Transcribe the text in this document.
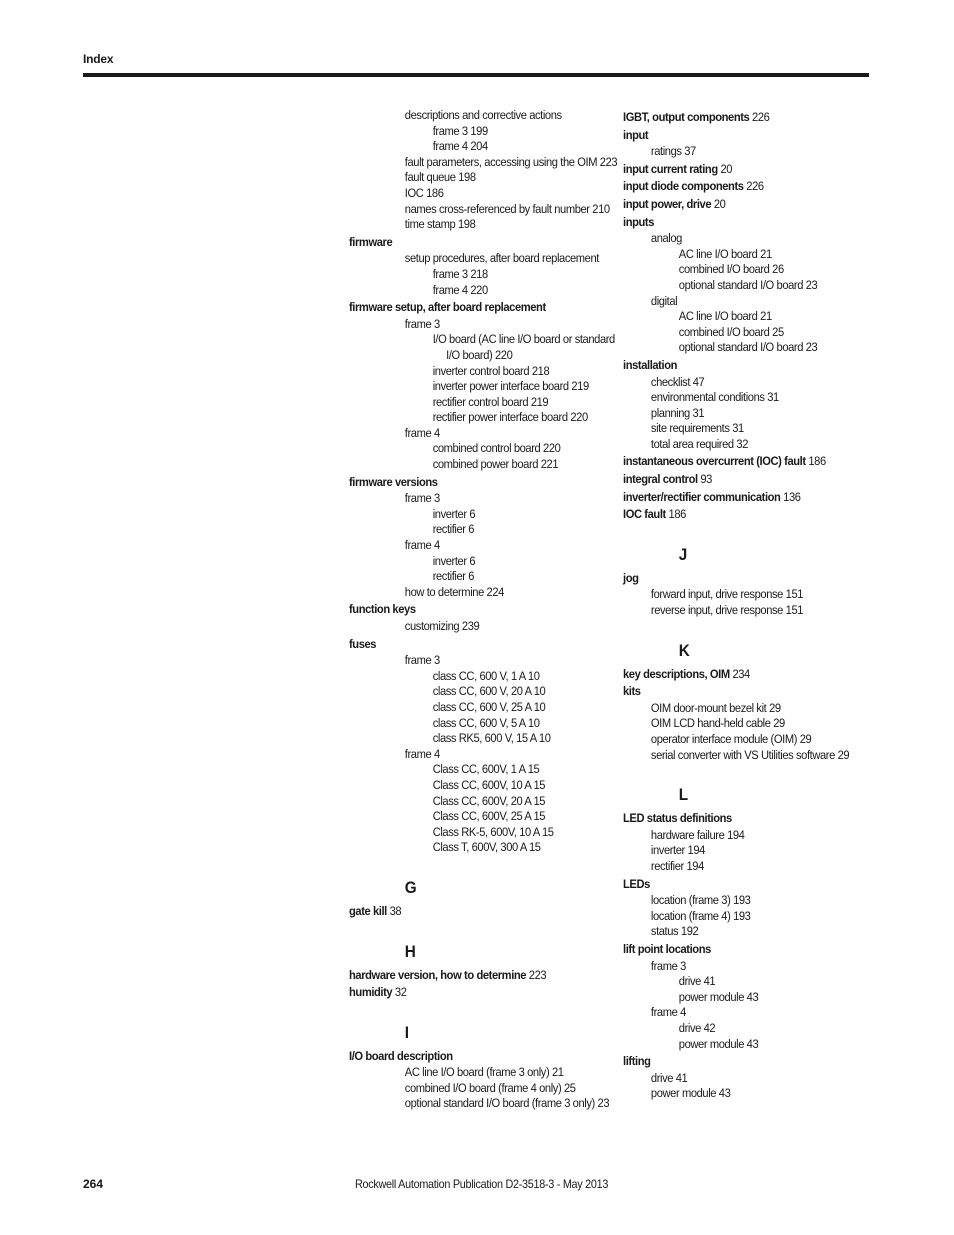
Index
descriptions and corrective actions
frame 3 199
frame 4 204
fault parameters, accessing using the OIM 223
fault queue 198
IOC 186
names cross-referenced by fault number 210
time stamp 198
firmware
setup procedures, after board replacement
frame 3 218
frame 4 220
firmware setup, after board replacement
frame 3
I/O board (AC line I/O board or standard
I/O board) 220
inverter control board 218
inverter power interface board 219
rectifier control board 219
rectifier power interface board 220
frame 4
combined control board 220
combined power board 221
firmware versions
frame 3
inverter 6
rectifier 6
frame 4
inverter 6
rectifier 6
how to determine 224
function keys
customizing 239
fuses
frame 3
class CC, 600 V, 1 A 10
class CC, 600 V, 20 A 10
class CC, 600 V, 25 A 10
class CC, 600 V, 5 A 10
class RK5, 600 V, 15 A 10
frame 4
Class CC, 600V, 1 A 15
Class CC, 600V, 10 A 15
Class CC, 600V, 20 A 15
Class CC, 600V, 25 A 15
Class RK-5, 600V, 10 A 15
Class T, 600V, 300 A 15
G
gate kill 38
H
hardware version, how to determine 223
humidity 32
I
I/O board description
AC line I/O board (frame 3 only) 21
combined I/O board (frame 4 only) 25
optional standard I/O board (frame 3 only) 23
IGBT, output components 226
input
ratings 37
input current rating 20
input diode components 226
input power, drive 20
inputs
analog
AC line I/O board 21
combined I/O board 26
optional standard I/O board 23
digital
AC line I/O board 21
combined I/O board 25
optional standard I/O board 23
installation
checklist 47
environmental conditions 31
planning 31
site requirements 31
total area required 32
instantaneous overcurrent (IOC) fault 186
integral control 93
inverter/rectifier communication 136
IOC fault 186
J
jog
forward input, drive response 151
reverse input, drive response 151
K
key descriptions, OIM 234
kits
OIM door-mount bezel kit 29
OIM LCD hand-held cable 29
operator interface module (OIM) 29
serial converter with VS Utilities software 29
L
LED status definitions
hardware failure 194
inverter 194
rectifier 194
LEDs
location (frame 3) 193
location (frame 4) 193
status 192
lift point locations
frame 3
drive 41
power module 43
frame 4
drive 42
power module 43
lifting
drive 41
power module 43
264	Rockwell Automation Publication D2-3518-3 - May 2013
